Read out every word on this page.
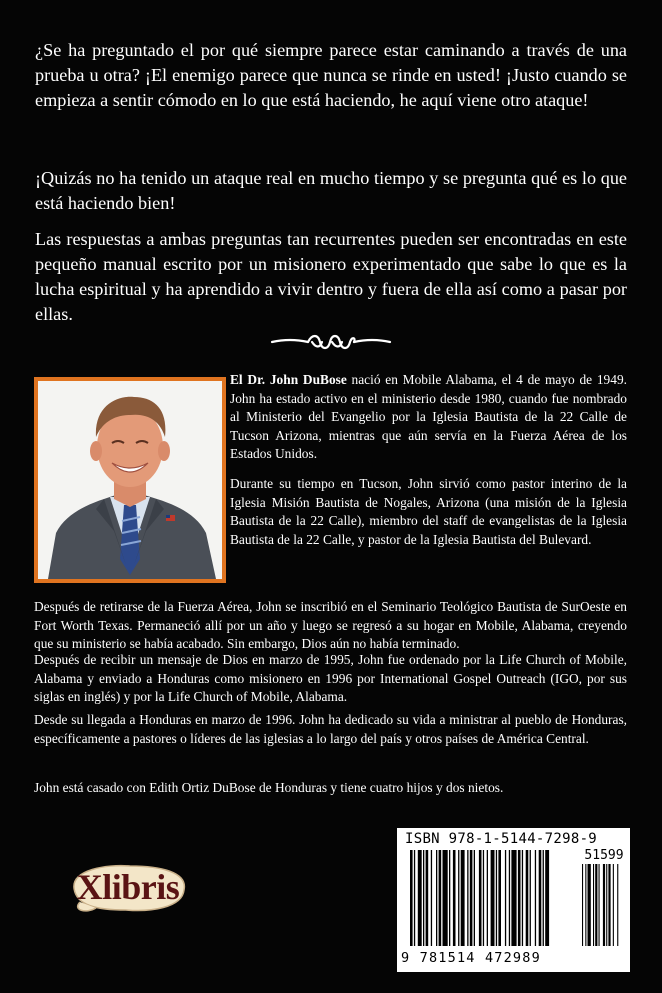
¿Se ha preguntado el por qué siempre parece estar caminando a través de una prueba u otra? ¡El enemigo parece que nunca se rinde en usted! ¡Justo cuando se empieza a sentir cómodo en lo que está haciendo, he aquí viene otro ataque!

¡Quizás no ha tenido un ataque real en mucho tiempo y se pregunta qué es lo que está haciendo bien!

Las respuestas a ambas preguntas tan recurrentes pueden ser encontradas en este pequeño manual escrito por un misionero experimentado que sabe lo que es la lucha espiritual y ha aprendido a vivir dentro y fuera de ella así como a pasar por ellas.

El Dr. John DuBose nació en Mobile Alabama, el 4 de mayo de 1949. John ha estado activo en el ministerio desde 1980, cuando fue nombrado al Ministerio del Evangelio por la Iglesia Bautista de la 22 Calle de Tucson Arizona, mientras que aún servía en la Fuerza Aérea de los Estados Unidos.

Durante su tiempo en Tucson, John sirvió como pastor interino de la Iglesia Misión Bautista de Nogales, Arizona (una misión de la Iglesia Bautista de la 22 Calle), miembro del staff de evangelistas de la Iglesia Bautista de la 22 Calle, y pastor de la Iglesia Bautista del Bulevard.

Después de retirarse de la Fuerza Aérea, John se inscribió en el Seminario Teológico Bautista de SurOeste en Fort Worth Texas. Permaneció allí por un año y luego se regresó a su hogar en Mobile, Alabama, creyendo que su ministerio se había acabado. Sin embargo, Dios aún no había terminado.

Después de recibir un mensaje de Dios en marzo de 1995, John fue ordenado por la Life Church of Mobile, Alabama y enviado a Honduras como misionero en 1996 por International Gospel Outreach (IGO, por sus siglas en inglés) y por la Life Church of Mobile, Alabama.

Desde su llegada a Honduras en marzo de 1996. John ha dedicado su vida a ministrar al pueblo de Honduras, específicamente a pastores o líderes de las iglesias a lo largo del país y otros países de América Central.

John está casado con Edith Ortiz DuBose de Honduras y tiene cuatro hijos y dos nietos.

Xlibris
ISBN 978-1-5144-7298-9
51599
9 781514 472989
